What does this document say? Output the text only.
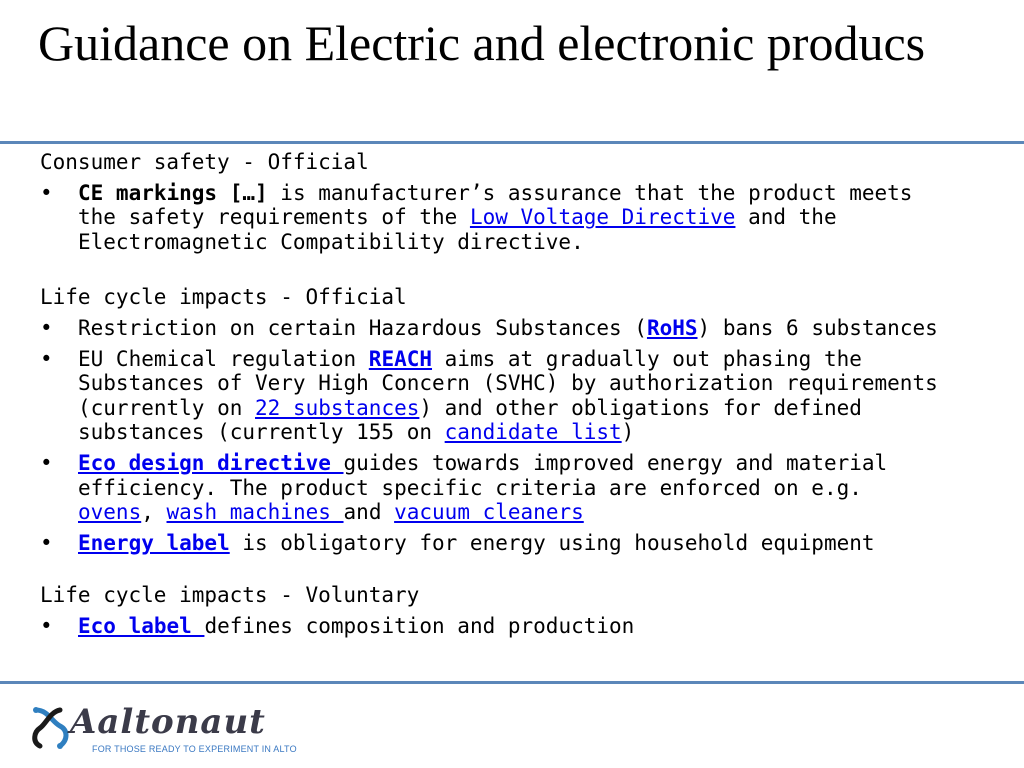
Guidance on Electric and electronic producs
Consumer safety - Official
•	CE markings […] is manufacturer’s assurance that the product meets the safety requirements of the Low Voltage Directive and the Electromagnetic Compatibility directive.
Life cycle impacts - Official
•	Restriction on certain Hazardous Substances (RoHS) bans 6 substances
•	EU Chemical regulation REACH aims at gradually out phasing the Substances of Very High Concern (SVHC) by authorization requirements (currently on 22 substances) and other obligations for defined substances (currently 155 on candidate list)
•	Eco design directive guides towards improved energy and material efficiency. The product specific criteria are enforced on e.g. ovens, wash machines and vacuum cleaners
•	Energy label is obligatory for energy using household equipment
Life cycle impacts - Voluntary
•	Eco label defines composition and production
Aaltonaut
FOR THOSE READY TO EXPERIMENT IN ALTO
